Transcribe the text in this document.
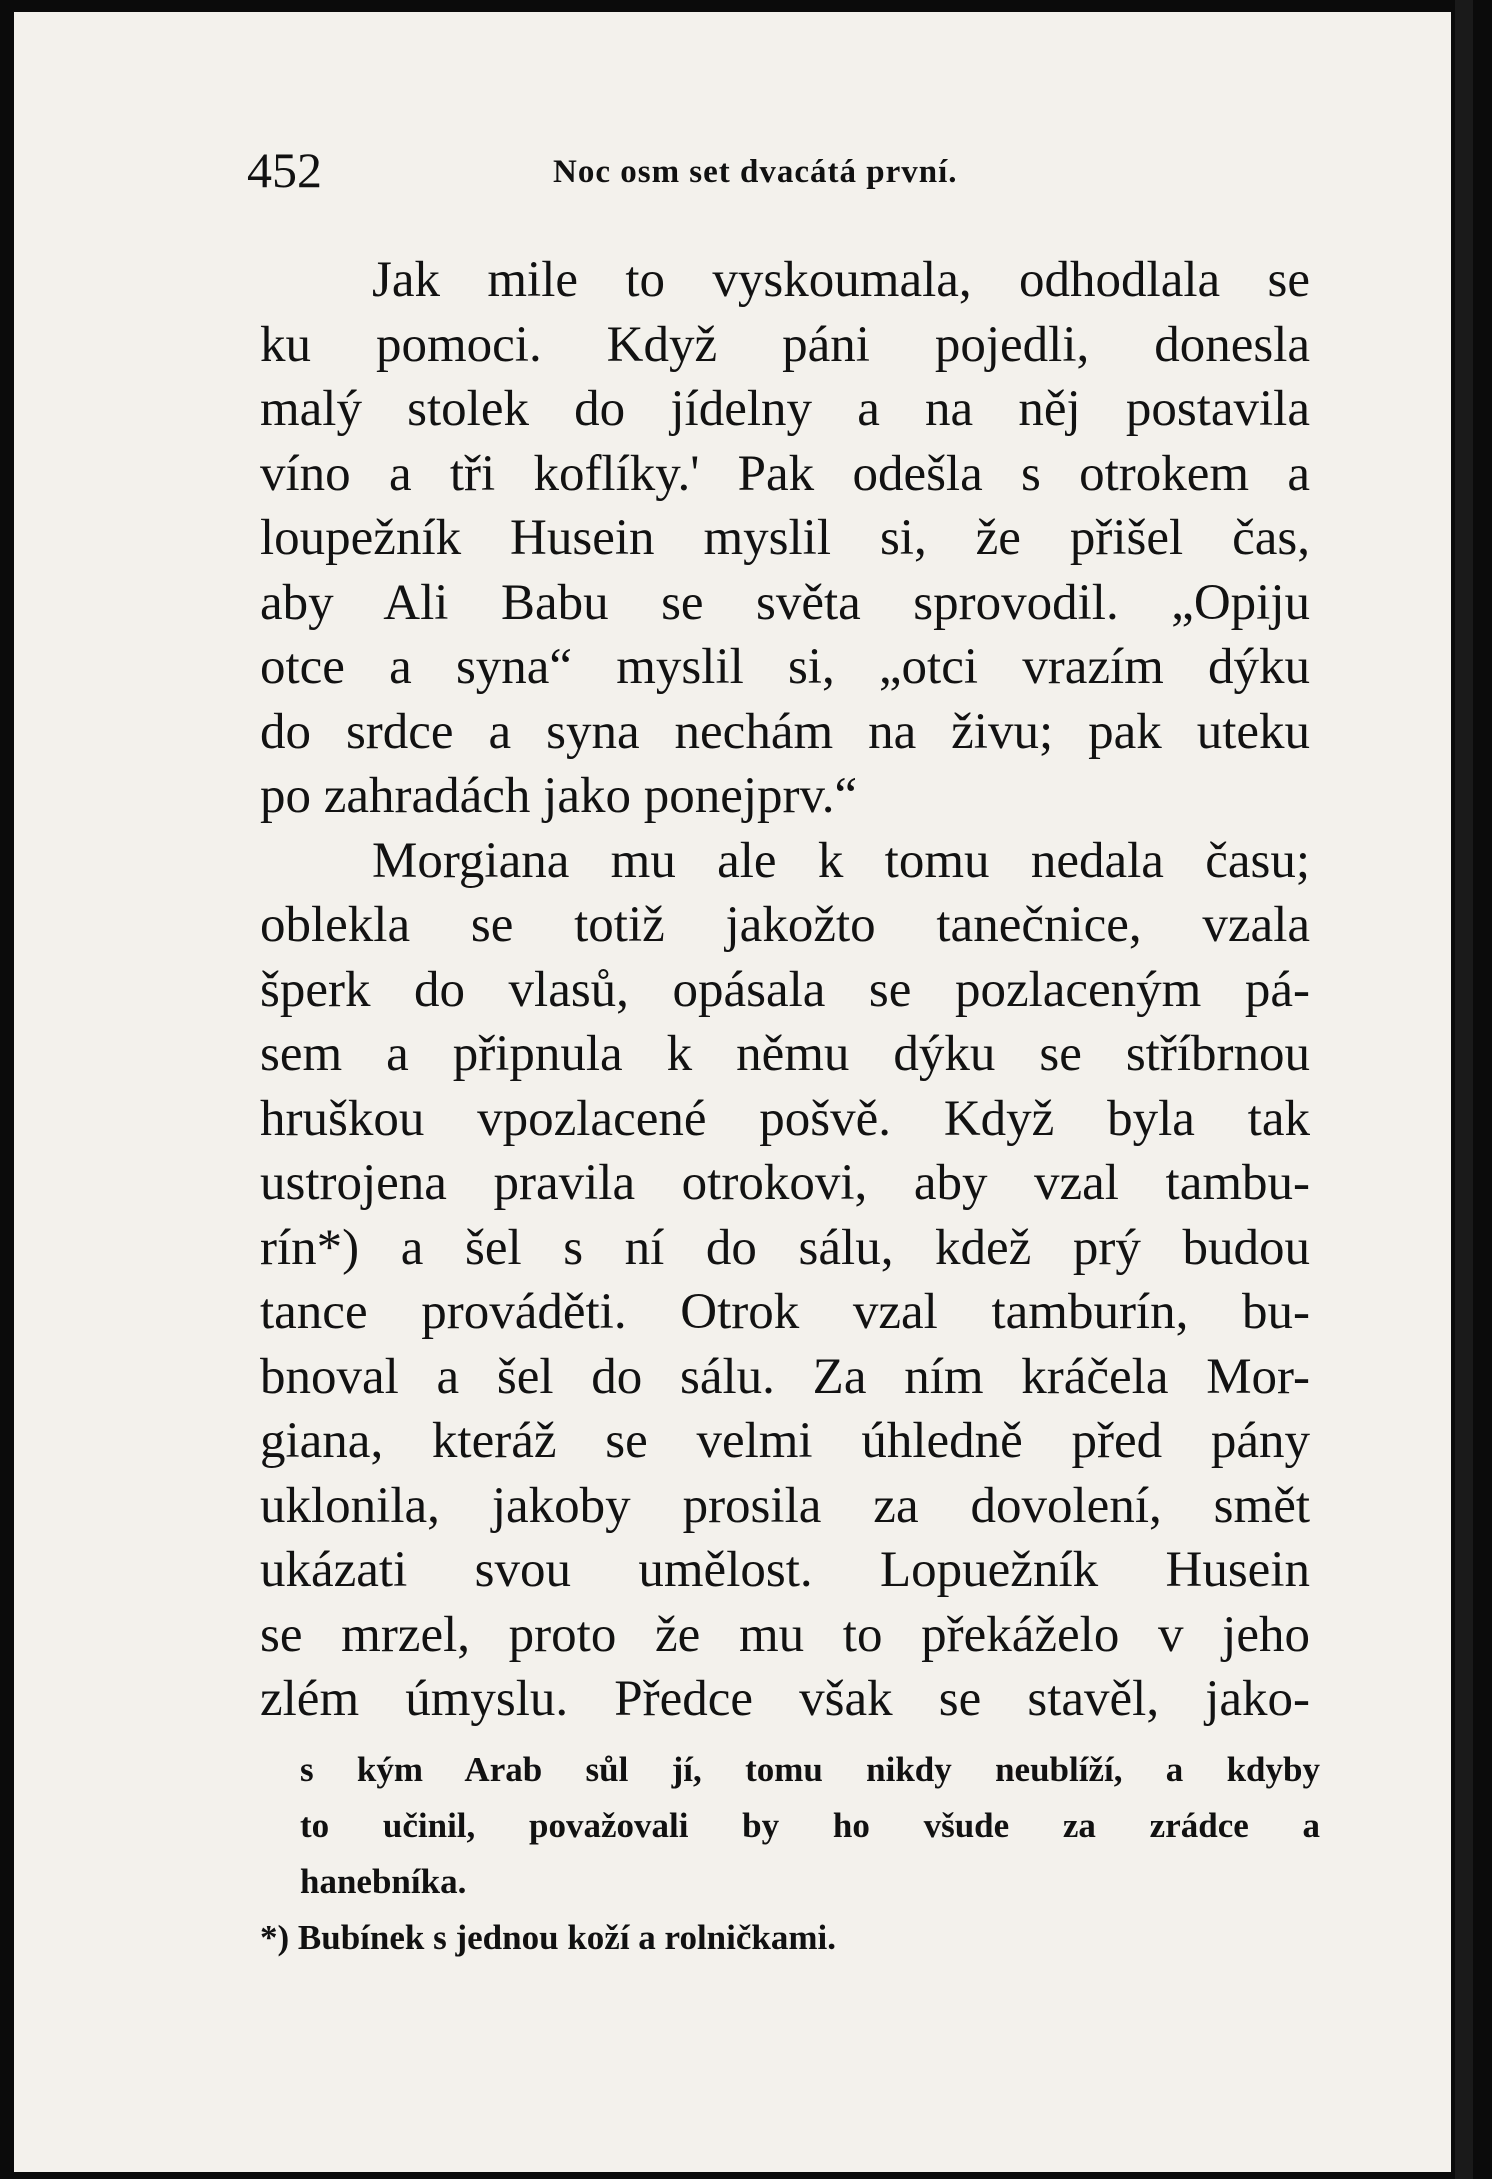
452	Noc osm set dvacátá první.
Jak mile to vyskoumala, odhodlala se
ku pomoci. Když páni pojedli, donesla
malý stolek do jídelny a na něj postavila
víno a tři koflíky.' Pak odešla s otrokem a
loupežník Husein myslil si, že přišel čas,
aby Ali Babu se světa sprovodil. „Opiju
otce a syna“ myslil si, „otci vrazím dýku
do srdce a syna nechám na živu; pak uteku
po zahradách jako ponejprv.“
Morgiana mu ale k tomu nedala času;
oblekla se totiž jakožto tanečnice, vzala
šperk do vlasů, opásala se pozlaceným pá-
sem a připnula k němu dýku se stříbrnou
hruškou vpozlacené pošvě. Když byla tak
ustrojena pravila otrokovi, aby vzal tambu-
rín*) a šel s ní do sálu, kdež prý budou
tance prováděti. Otrok vzal tamburín, bu-
bnoval a šel do sálu. Za ním kráčela Mor-
giana, kteráž se velmi úhledně před pány
uklonila, jakoby prosila za dovolení, smět
ukázati svou umělost. Lopuežník Husein
se mrzel, proto že mu to překáželo v jeho
zlém úmyslu. Předce však se stavěl, jako-
s kým Arab sůl jí, tomu nikdy neublíží, a kdyby
to učinil, považovali by ho všude za zrádce a
hanebníka.
*) Bubínek s jednou koží a rolničkami.
